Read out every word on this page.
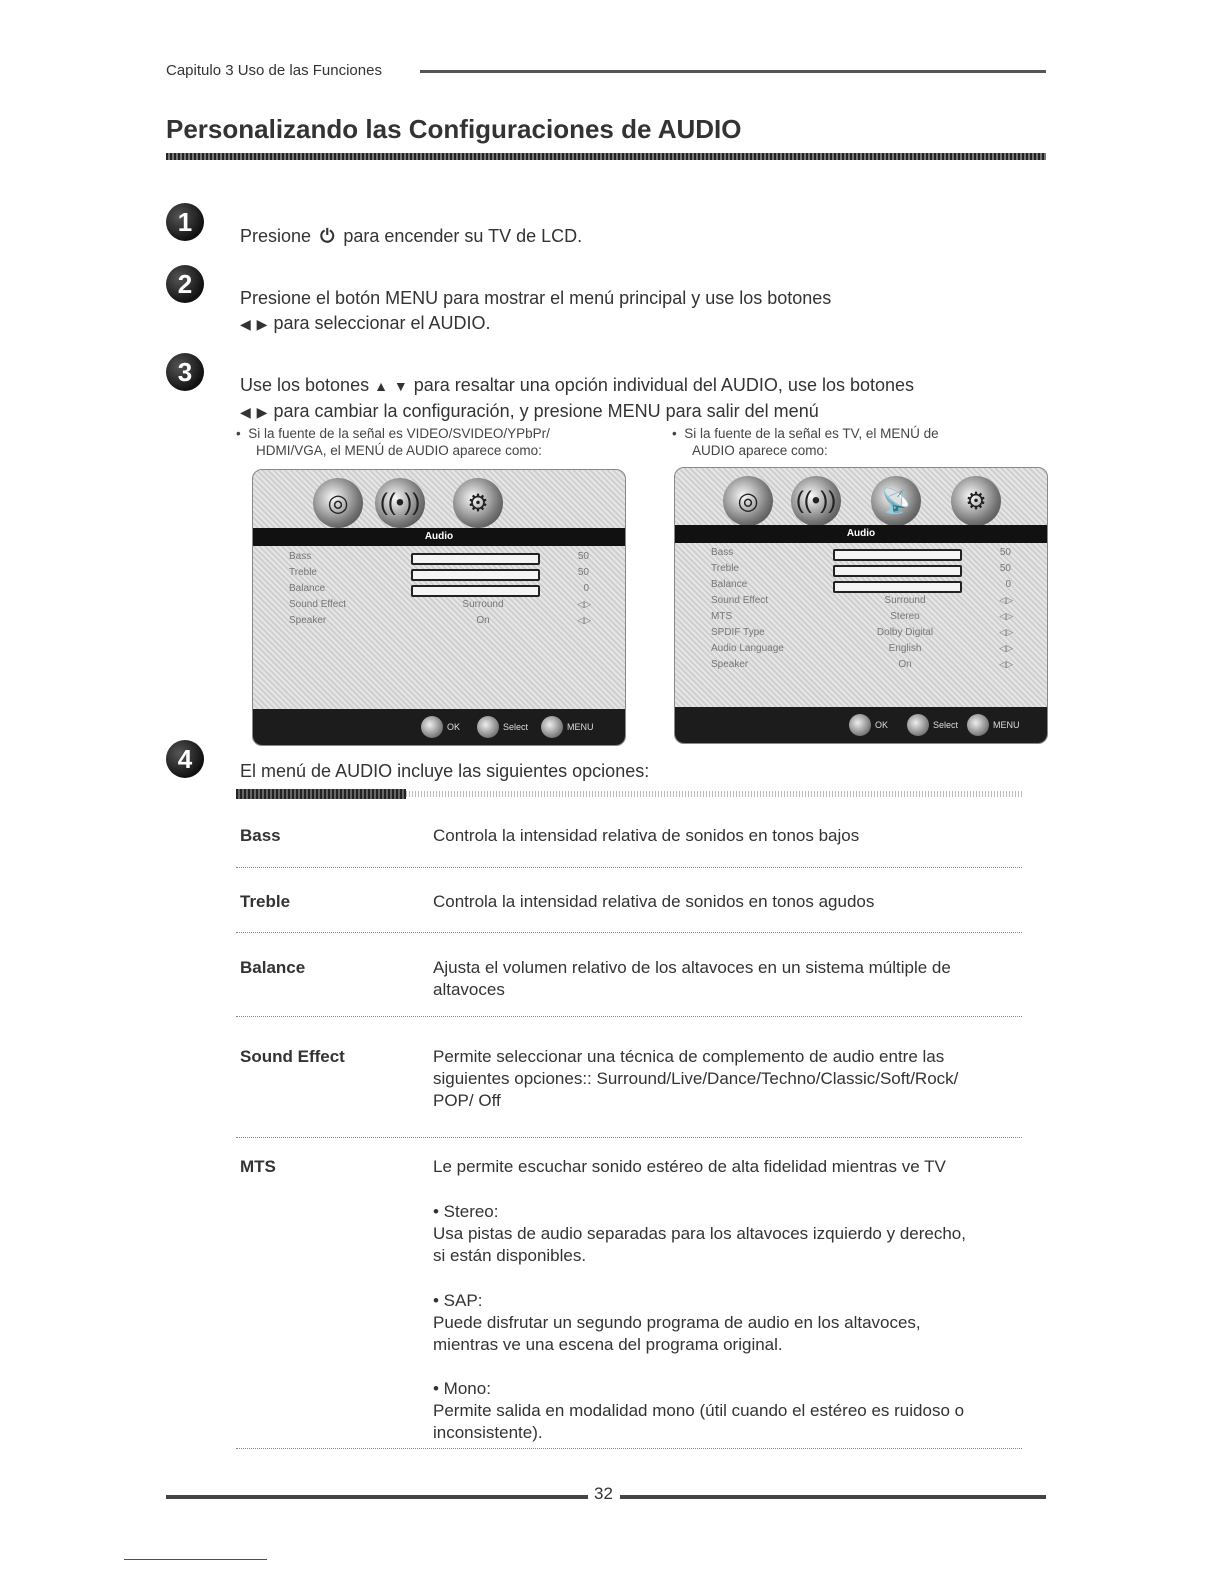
Capitulo 3 Uso de las Funciones
Personalizando las Configuraciones de AUDIO
1	Presione ⏻ para encender su TV de LCD.
2	Presione el botón MENU para mostrar el menú principal y use los botones
◀ ▶ para seleccionar el AUDIO.
3	Use los botones ▲ ▼ para resaltar una opción individual del AUDIO, use los botones
◀ ▶ para cambiar la configuración, y presione MENU para salir del menú
• Si la fuente de la señal es VIDEO/SVIDEO/YPbPr/
HDMI/VGA, el MENÚ de AUDIO aparece como:
• Si la fuente de la señal es TV, el MENÚ de
AUDIO aparece como:
◎	((•))	⚙
Audio
Bass	50
Treble	50
Balance	0
Sound Effect	Surround	◁▷
Speaker	On	◁▷
OK	Select	MENU
◎	((•))	📡	⚙
Audio
Bass	50
Treble	50
Balance	0
Sound Effect	Surround	◁▷
MTS	Stereo	◁▷
SPDIF Type	Dolby Digital	◁▷
Audio Language	English	◁▷
Speaker	On	◁▷
OK	Select	MENU
4	El menú de AUDIO incluye las siguientes opciones:
Bass	Controla la intensidad relativa de sonidos en tonos bajos
Treble	Controla la intensidad relativa de sonidos en tonos agudos
Balance	Ajusta el volumen relativo de los altavoces en un sistema múltiple de
altavoces
Sound Effect	Permite seleccionar una técnica de complemento de audio entre las
siguientes opciones:: Surround/Live/Dance/Techno/Classic/Soft/Rock/
POP/ Off
MTS	Le permite escuchar sonido estéreo de alta fidelidad mientras ve TV
• Stereo:
Usa pistas de audio separadas para los altavoces izquierdo y derecho,
si están disponibles.
• SAP:
Puede disfrutar un segundo programa de audio en los altavoces,
mientras ve una escena del programa original.
• Mono:
Permite salida en modalidad mono (útil cuando el estéreo es ruidoso o
inconsistente).
32
